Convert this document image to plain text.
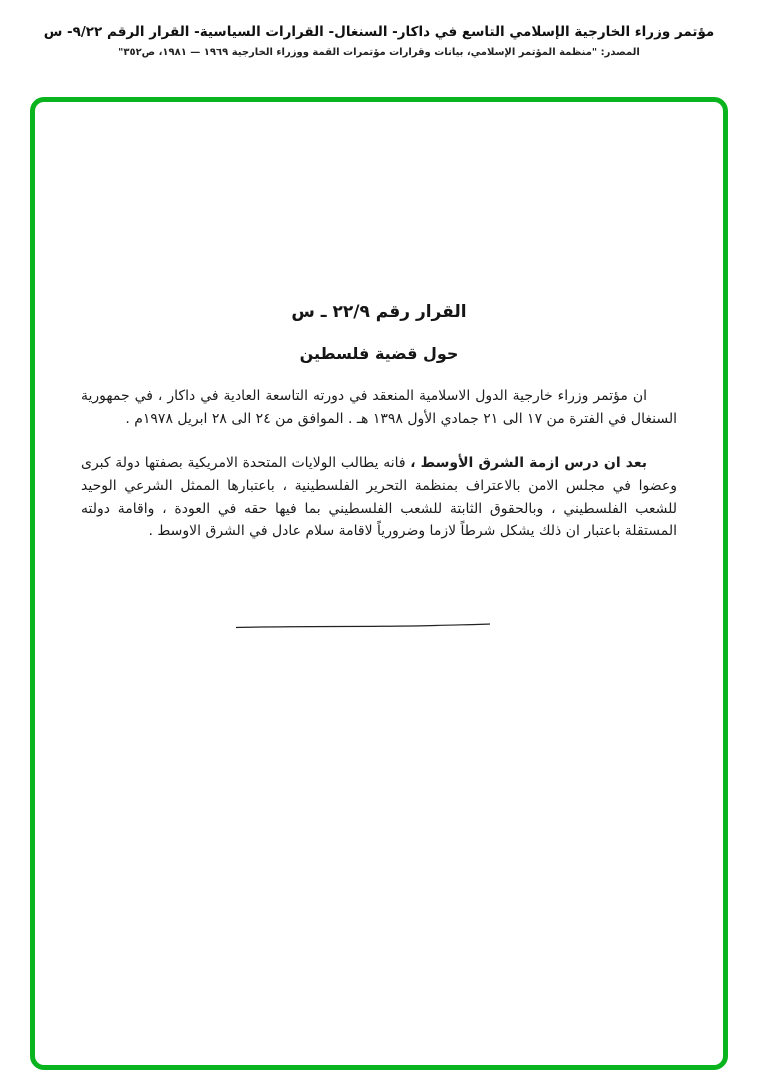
مؤتمر وزراء الخارجية الإسلامي التاسع في داكار- السنغال- القرارات السياسية- القرار الرقم ٩/٢٢- س
المصدر: "منظمة المؤتمر الإسلامي، بيانات وقرارات مؤتمرات القمة ووزراء الخارجية ١٩٦٩ — ١٩٨١، ص٣٥٢"
القرار رقم ٢٢/٩ ـ س
حول قضية فلسطين

ان مؤتمر وزراء خارجية الدول الاسلامية المنعقد في دورته التاسعة العادية في داكار ، في جمهورية السنغال في الفترة من ١٧ الى ٢١ جمادي الأول ١٣٩٨ هـ . الموافق من ٢٤ الى ٢٨ ابريل ١٩٧٨م .

بعد ان درس ازمة الشرق الأوسط ، فانه يطالب الولايات المتحدة الامريكية بصفتها دولة كبرى وعضوا في مجلس الامن بالاعتراف بمنظمة التحرير الفلسطينية ، باعتبارها الممثل الشرعي الوحيد للشعب الفلسطيني ، وبالحقوق الثابتة للشعب الفلسطيني بما فيها حقه في العودة ، واقامة دولته المستقلة باعتبار ان ذلك يشكل شرطاً لازما وضرورياً لاقامة سلام عادل في الشرق الاوسط .
